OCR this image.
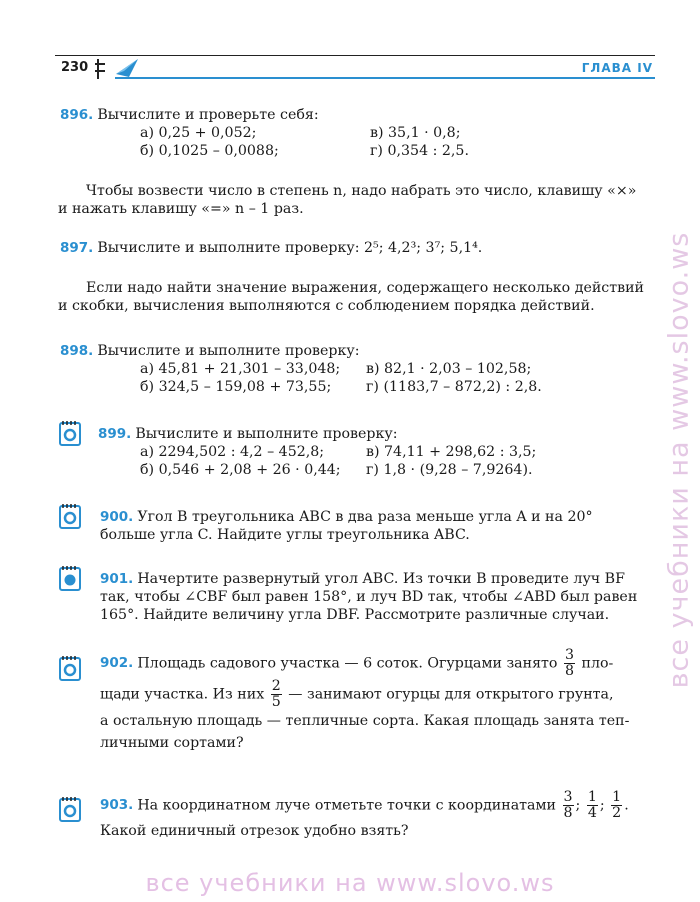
230	ГЛАВА IV
896. Вычислите и проверьте себя:
а) 0,25 + 0,052;	в) 35,1 · 0,8;
б) 0,1025 – 0,0088;	г) 0,354 : 2,5.
Чтобы возвести число в степень n, надо набрать это число, клавишу «×»
и нажать клавишу «=» n – 1 раз.
897. Вычислите и выполните проверку: 2⁵; 4,2³; 3⁷; 5,1⁴.
Если надо найти значение выражения, содержащего несколько действий
и скобки, вычисления выполняются с соблюдением порядка действий.
898. Вычислите и выполните проверку:
а) 45,81 + 21,301 – 33,048;	в) 82,1 · 2,03 – 102,58;
б) 324,5 – 159,08 + 73,55;	г) (1183,7 – 872,2) : 2,8.
899. Вычислите и выполните проверку:
а) 2294,502 : 4,2 – 452,8;	в) 74,11 + 298,62 : 3,5;
б) 0,546 + 2,08 + 26 · 0,44;	г) 1,8 · (9,28 – 7,9264).
900. Угол B треугольника ABC в два раза меньше угла A и на 20°
больше угла C. Найдите углы треугольника ABC.
901. Начертите развернутый угол ABC. Из точки B проведите луч BF
так, чтобы ∠CBF был равен 158°, и луч BD так, чтобы ∠ABD был равен
165°. Найдите величину угла DBF. Рассмотрите различные случаи.
902. Площадь садового участка — 6 соток. Огурцами занято $\frac{3}{8} пло-$
щади участка. Из них $\frac{2}{5}$ — занимают огурцы для открытого грунта,
а остальную площадь — тепличные сорта. Какая площадь занята теп-
личными сортами?
903. На координатном луче отметьте точки с координатами $\frac{3}{8}$ ; $\frac{1}{4}$ ; $\frac{1}{2}$ .
Какой единичный отрезок удобно взять?
все учебники на www.slovo.ws
все учебники на www.slovo.ws
